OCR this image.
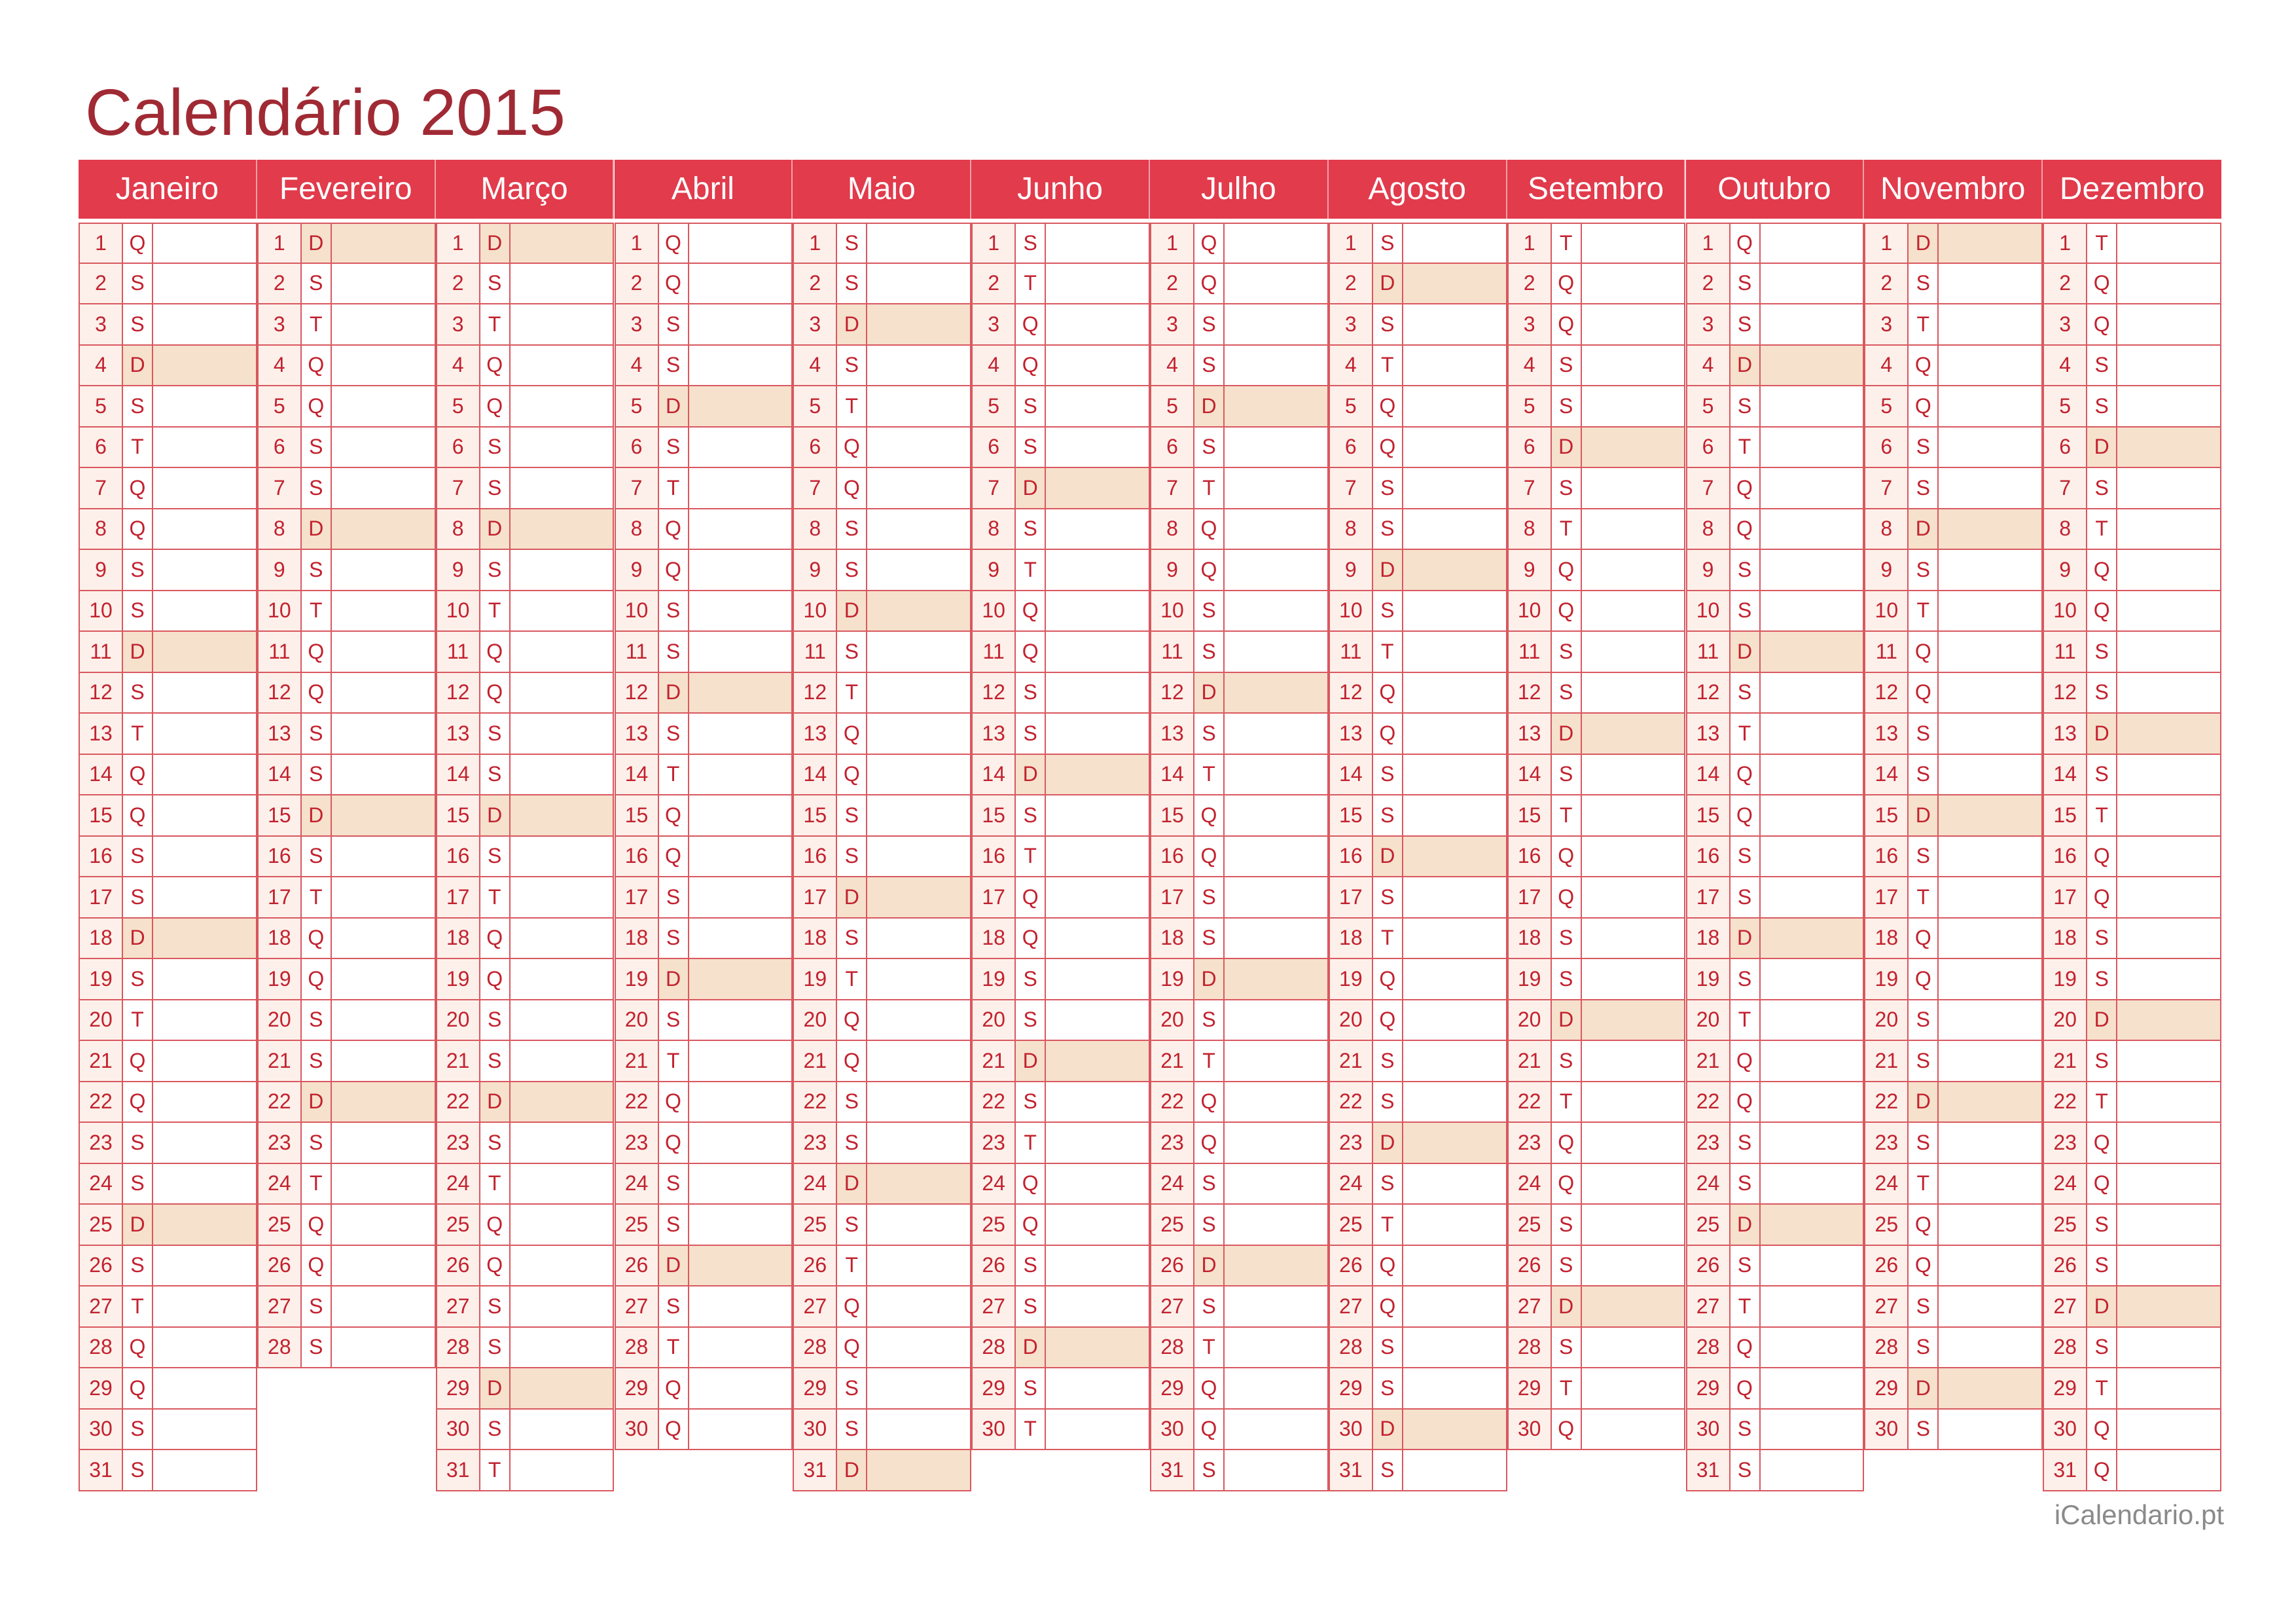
Calendário 2015
Janeiro
1	Q
2	S
3	S
4	D
5	S
6	T
7	Q
8	Q
9	S
10 S
11 D
12 S
13 T
14 Q
15 Q
16 S
17 S
18 D
19 S
20 T
21 Q
22 Q
23 S
24 S
25 D
26 S
27 T
28 Q
29 Q
30 S
31 S
Fevereiro
1	D
2	S
3	T
4	Q
5	Q
6	S
7	S
8	D
9	S
10 T
11 Q
12 Q
13 S
14 S
15 D
16 S
17 T
18 Q
19 Q
20 S
21 S
22 D
23 S
24 T
25 Q
26 Q
27 S
28 S
Março
1	D
2	S
3	T
4	Q
5	Q
6	S
7	S
8	D
9	S
10 T
11 Q
12 Q
13 S
14 S
15 D
16 S
17 T
18 Q
19 Q
20 S
21 S
22 D
23 S
24 T
25 Q
26 Q
27 S
28 S
29 D
30 S
31 T
Abril
1	Q
2	Q
3	S
4	S
5	D
6	S
7	T
8	Q
9	Q
10 S
11 S
12 D
13 S
14 T
15 Q
16 Q
17 S
18 S
19 D
20 S
21 T
22 Q
23 Q
24 S
25 S
26 D
27 S
28 T
29 Q
30 Q
Maio
1	S
2	S
3	D
4	S
5	T
6	Q
7	Q
8	S
9	S
10 D
11 S
12 T
13 Q
14 Q
15 S
16 S
17 D
18 S
19 T
20 Q
21 Q
22 S
23 S
24 D
25 S
26 T
27 Q
28 Q
29 S
30 S
31 D
Junho
1	S
2	T
3	Q
4	Q
5	S
6	S
7	D
8	S
9	T
10 Q
11 Q
12 S
13 S
14 D
15 S
16 T
17 Q
18 Q
19 S
20 S
21 D
22 S
23 T
24 Q
25 Q
26 S
27 S
28 D
29 S
30 T
Julho
1	Q
2	Q
3	S
4	S
5	D
6	S
7	T
8	Q
9	Q
10 S
11 S
12 D
13 S
14 T
15 Q
16 Q
17 S
18 S
19 D
20 S
21 T
22 Q
23 Q
24 S
25 S
26 D
27 S
28 T
29 Q
30 Q
31 S
Agosto
1	S
2	D
3	S
4	T
5	Q
6	Q
7	S
8	S
9	D
10 S
11 T
12 Q
13 Q
14 S
15 S
16 D
17 S
18 T
19 Q
20 Q
21 S
22 S
23 D
24 S
25 T
26 Q
27 Q
28 S
29 S
30 D
31 S
Setembro
1	T
2	Q
3	Q
4	S
5	S
6	D
7	S
8	T
9	Q
10 Q
11 S
12 S
13 D
14 S
15 T
16 Q
17 Q
18 S
19 S
20 D
21 S
22 T
23 Q
24 Q
25 S
26 S
27 D
28 S
29 T
30 Q
Outubro
1	Q
2	S
3	S
4	D
5	S
6	T
7	Q
8	Q
9	S
10 S
11 D
12 S
13 T
14 Q
15 Q
16 S
17 S
18 D
19 S
20 T
21 Q
22 Q
23 S
24 S
25 D
26 S
27 T
28 Q
29 Q
30 S
31 S
Novembro
1	D
2	S
3	T
4	Q
5	Q
6	S
7	S
8	D
9	S
10 T
11 Q
12 Q
13 S
14 S
15 D
16 S
17 T
18 Q
19 Q
20 S
21 S
22 D
23 S
24 T
25 Q
26 Q
27 S
28 S
29 D
30 S
Dezembro
1	T
2	Q
3	Q
4	S
5	S
6	D
7	S
8	T
9	Q
10 Q
11 S
12 S
13 D
14 S
15 T
16 Q
17 Q
18 S
19 S
20 D
21 S
22 T
23 Q
24 Q
25 S
26 S
27 D
28 S
29 T
30 Q
31 Q
iCalendario.pt
